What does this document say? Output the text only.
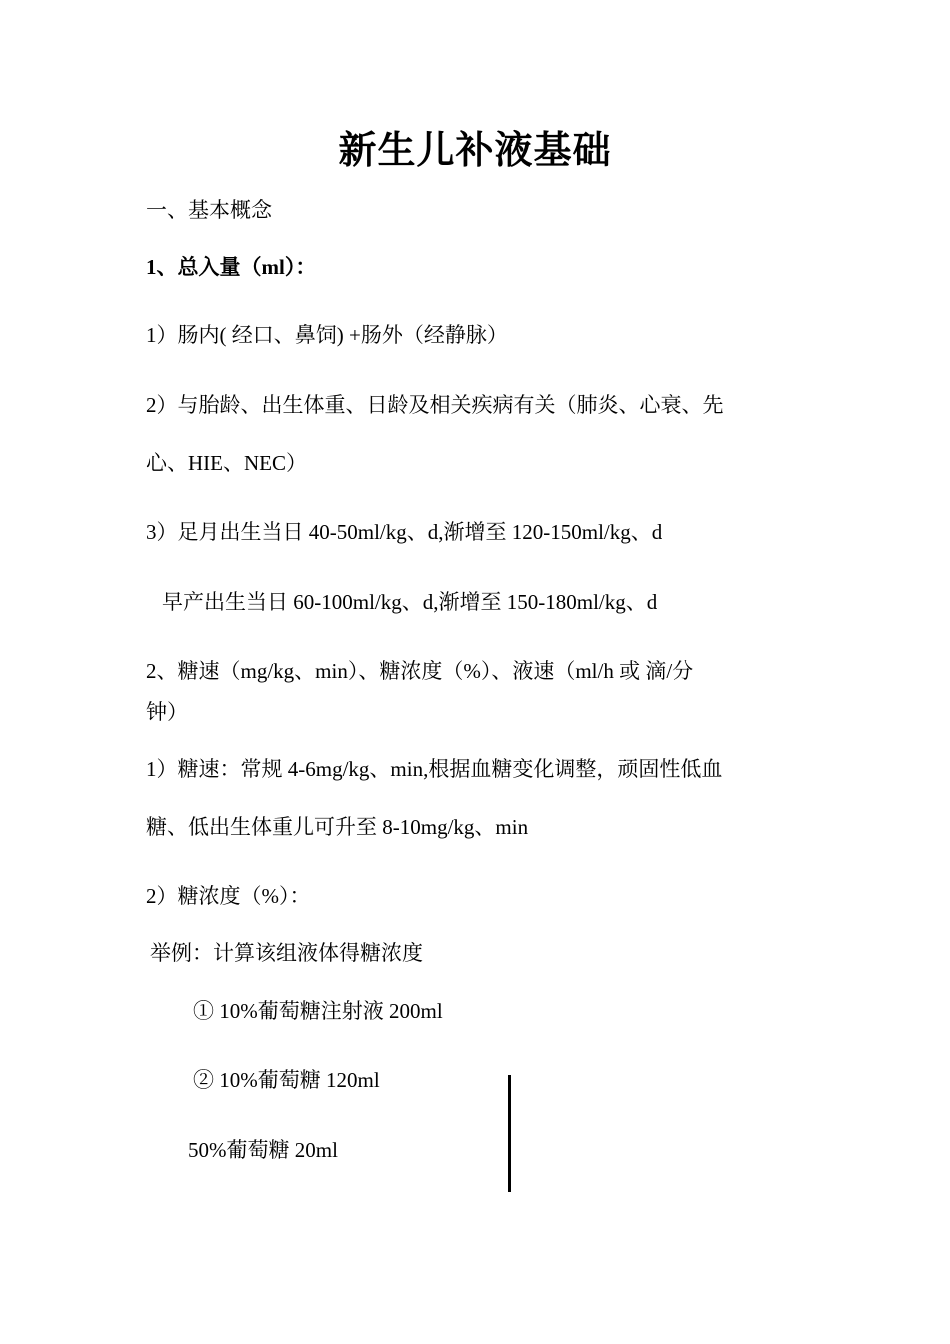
新生儿补液基础
一、基本概念
1、总入量（ml）：
1）肠内( 经口、鼻饲) +肠外（经静脉）
2）与胎龄、出生体重、日龄及相关疾病有关（肺炎、心衰、先
心、HIE、NEC）
3）足月出生当日 40-50ml/kg、d,渐增至 120-150ml/kg、d
早产出生当日 60-100ml/kg、d,渐增至 150-180ml/kg、d
2、糖速（mg/kg、min）、糖浓度（%）、液速（ml/h 或 滴/分
钟）
1）糖速：常规 4-6mg/kg、min,根据血糖变化调整，顽固性低血
糖、低出生体重儿可升至 8-10mg/kg、min
2）糖浓度（%）：
举例：计算该组液体得糖浓度
① 10%葡萄糖注射液 200ml
② 10%葡萄糖 120ml
50%葡萄糖 20ml
